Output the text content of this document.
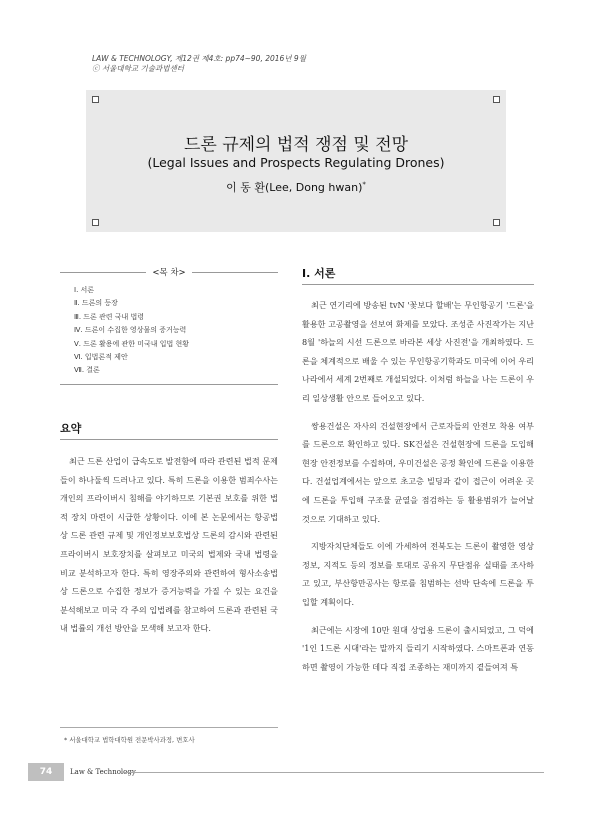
LAW & TECHNOLOGY, 제12권 제4호: pp74~90, 2016년 9월
ⓒ 서울대학교 기술과법센터
드론 규제의 법적 쟁점 및 전망
(Legal Issues and Prospects Regulating Drones)
이 동 환(Lee, Dong hwan)*
<목 차>
Ⅰ. 서론
Ⅱ. 드론의 등장
Ⅲ. 드론 관련 국내 법령
Ⅳ. 드론이 수집한 영상물의 증거능력
Ⅴ. 드론 활용에 관한 미국내 입법 현황
Ⅵ. 입법론적 제안
Ⅶ. 결론
요약
최근 드론 산업이 급속도로 발전함에 따라 관련된 법적 문제들이 하나둘씩 드러나고 있다. 특히 드론을 이용한 범죄수사는 개인의 프라이버시 침해를 야기하므로 기본권 보호를 위한 법적 장치 마련이 시급한 상황이다. 이에 본 논문에서는 항공법상 드론 관련 규제 및 개인정보보호법상 드론의 감시와 관련된 프라이버시 보호장치를 살펴보고 미국의 법제와 국내 법령을 비교 분석하고자 한다. 특히 영장주의와 관련하여 형사소송법상 드론으로 수집한 정보가 증거능력을 가질 수 있는 요건을 분석해보고 미국 각 주의 입법례를 참고하여 드론과 관련된 국내 법률의 개선 방안을 모색해 보고자 한다.
* 서울대학교 법학대학원 전문박사과정, 변호사
74	Law & Technology
Ⅰ. 서론

최근 연기리에 방송된 tvN '꽃보다 할배'는 무인항공기 '드론'을 활용한 고공촬영을 선보여 화제를 모았다. 조성준 사진작가는 지난 8월 '하늘의 시선 드론으로 바라본 세상 사진전'을 개최하였다. 드론을 체계적으로 배울 수 있는 무인항공기학과도 미국에 이어 우리나라에서 세계 2번째로 개설되었다. 이처럼 하늘을 나는 드론이 우리 일상생활 안으로 들어오고 있다.

쌍용건설은 자사의 건설현장에서 근로자들의 안전모 착용 여부를 드론으로 확인하고 있다. SK건설은 건설현장에 드론을 도입해 현장 안전정보를 수집하며, 우미건설은 공정 확인에 드론을 이용한다. 건설업계에서는 앞으로 초고층 빌딩과 같이 접근이 어려운 곳에 드론을 투입해 구조물 균열을 점검하는 등 활용범위가 늘어날 것으로 기대하고 있다.

지방자치단체들도 이에 가세하여 전북도는 드론이 촬영한 영상정보, 지적도 등의 정보를 토대로 공유지 무단점유 실태를 조사하고 있고, 부산항만공사는 항로를 침범하는 선박 단속에 드론을 투입할 계획이다.

최근에는 시장에 10만 원대 상업용 드론이 출시되었고, 그 덕에 '1인 1드론 시대'라는 말까지 들리기 시작하였다. 스마트폰과 연동하면 촬영이 가능한 데다 직접 조종하는 재미까지 곁들여져 특
